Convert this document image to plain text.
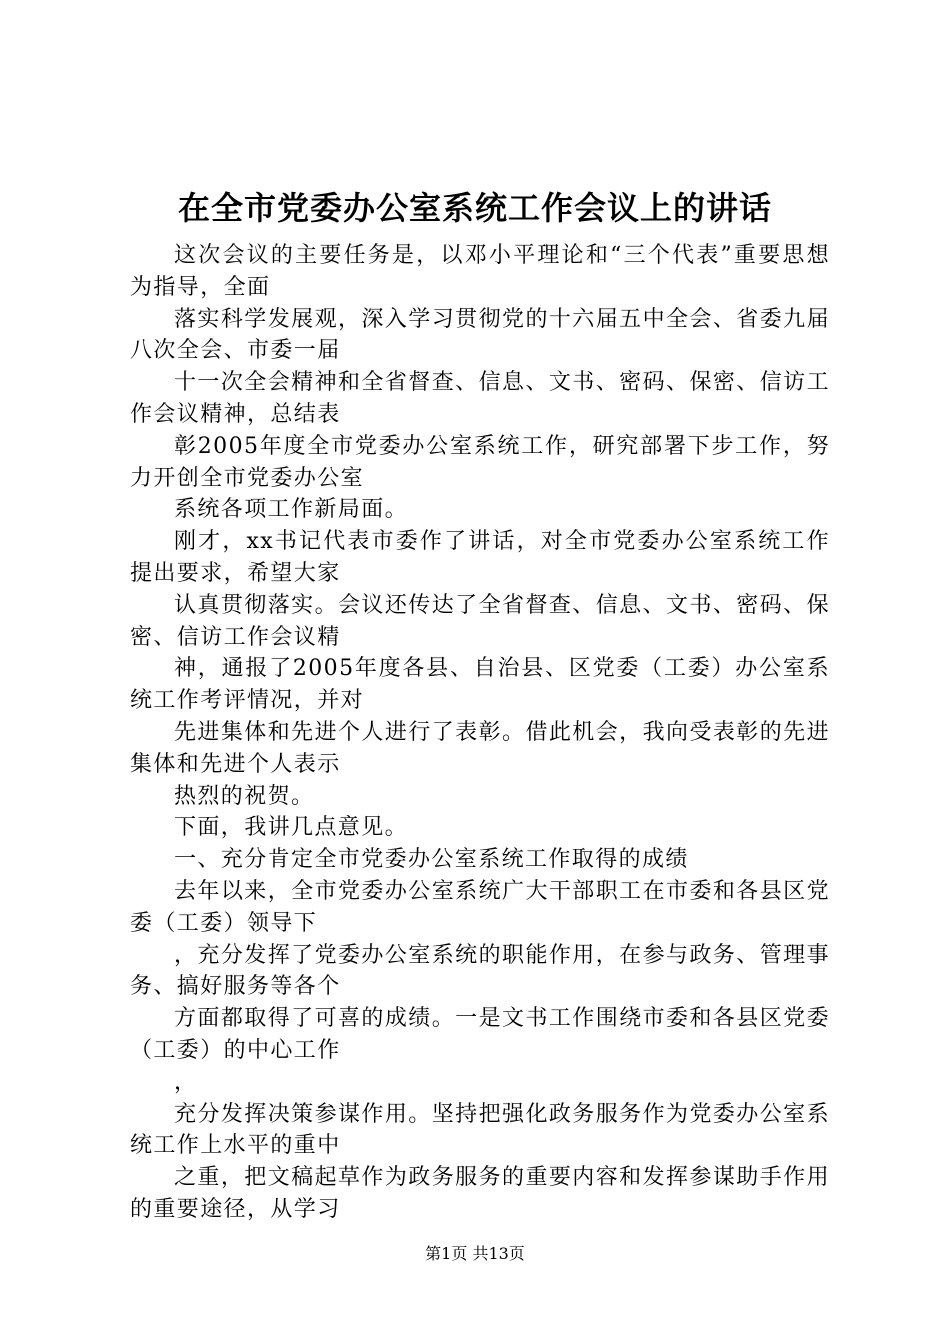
在全市党委办公室系统工作会议上的讲话

这次会议的主要任务是，以邓小平理论和“三个代表”重要思想为指导，全面

落实科学发展观，深入学习贯彻党的十六届五中全会、省委九届八次全会、市委一届

十一次全会精神和全省督查、信息、文书、密码、保密、信访工作会议精神，总结表

彰2005年度全市党委办公室系统工作，研究部署下步工作，努力开创全市党委办公室

系统各项工作新局面。

刚才，xx书记代表市委作了讲话，对全市党委办公室系统工作提出要求，希望大家

认真贯彻落实。会议还传达了全省督查、信息、文书、密码、保密、信访工作会议精

神，通报了2005年度各县、自治县、区党委（工委）办公室系统工作考评情况，并对

先进集体和先进个人进行了表彰。借此机会，我向受表彰的先进集体和先进个人表示

热烈的祝贺。

下面，我讲几点意见。

一、充分肯定全市党委办公室系统工作取得的成绩

去年以来，全市党委办公室系统广大干部职工在市委和各县区党委（工委）领导下

，充分发挥了党委办公室系统的职能作用，在参与政务、管理事务、搞好服务等各个

方面都取得了可喜的成绩。一是文书工作围绕市委和各县区党委（工委）的中心工作

，

充分发挥决策参谋作用。坚持把强化政务服务作为党委办公室系统工作上水平的重中

之重，把文稿起草作为政务服务的重要内容和发挥参谋助手作用的重要途径，从学习

第1页 共13页
